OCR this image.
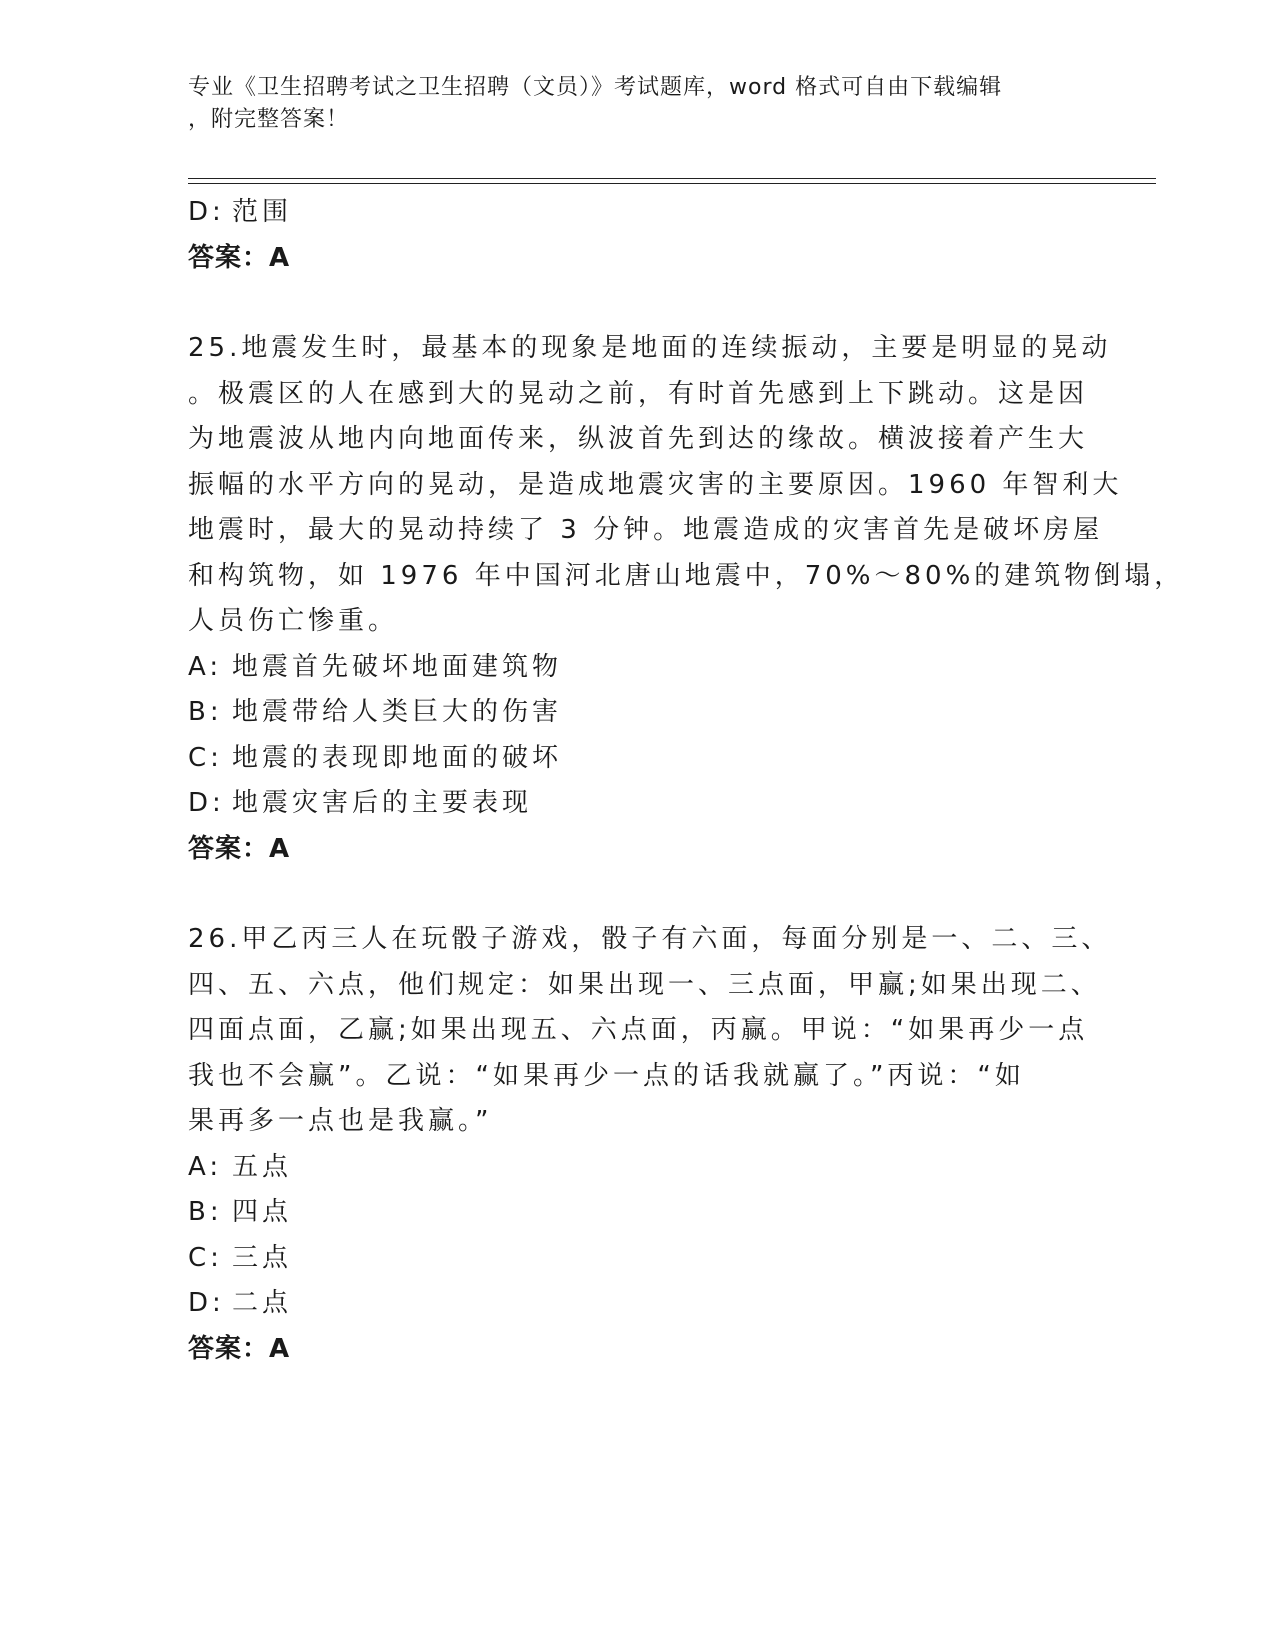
专业《卫生招聘考试之卫生招聘（文员）》考试题库，word 格式可自由下载编辑
，附完整答案！
D: 范围
答案：A
25.地震发生时，最基本的现象是地面的连续振动，主要是明显的晃动
。极震区的人在感到大的晃动之前，有时首先感到上下跳动。这是因
为地震波从地内向地面传来，纵波首先到达的缘故。横波接着产生大
振幅的水平方向的晃动，是造成地震灾害的主要原因。1960 年智利大
地震时，最大的晃动持续了 3 分钟。地震造成的灾害首先是破坏房屋
和构筑物，如 1976 年中国河北唐山地震中，70%～80%的建筑物倒塌，
人员伤亡惨重。
A: 地震首先破坏地面建筑物
B: 地震带给人类巨大的伤害
C: 地震的表现即地面的破坏
D: 地震灾害后的主要表现
答案：A
26.甲乙丙三人在玩骰子游戏，骰子有六面，每面分别是一、二、三、
四、五、六点，他们规定：如果出现一、三点面，甲赢;如果出现二、
四面点面，乙赢;如果出现五、六点面，丙赢。甲说：“如果再少一点
我也不会赢”。乙说：“如果再少一点的话我就赢了。”丙说：“如
果再多一点也是我赢。”
A: 五点
B: 四点
C: 三点
D: 二点
答案：A
